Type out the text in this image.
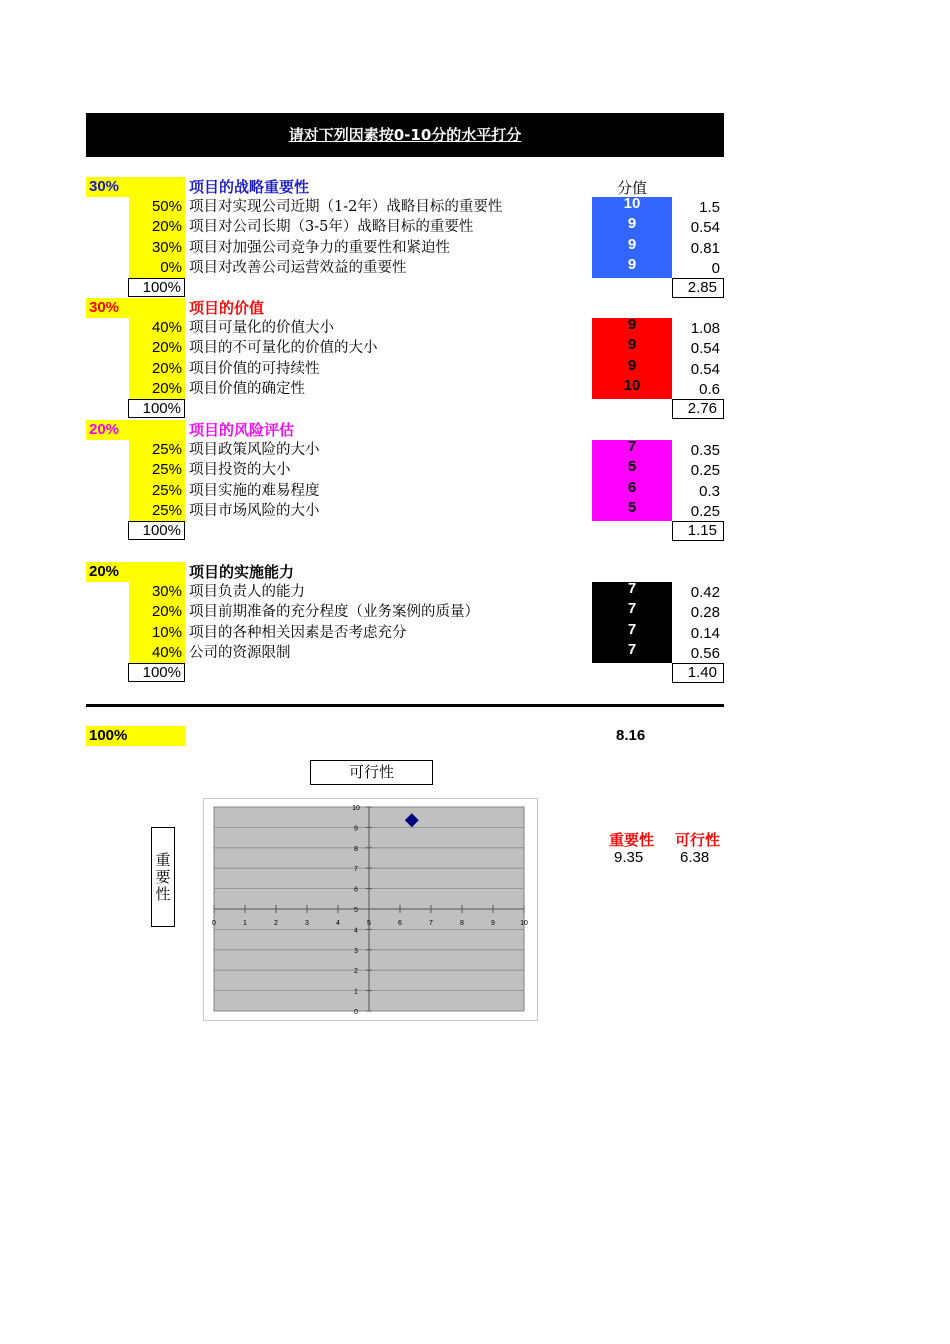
请对下列因素按0-10分的水平打分
分值
30%	项目的战略重要性
50% 项目对实现公司近期（1-2年）战略目标的重要性	10	1.5
20% 项目对公司长期（3-5年）战略目标的重要性	9	0.54
30% 项目对加强公司竞争力的重要性和紧迫性	9	0.81
0% 项目对改善公司运营效益的重要性	9	0
100%	2.85
30%	项目的价值
40% 项目可量化的价值大小	9	1.08
20% 项目的不可量化的价值的大小	9	0.54
20% 项目价值的可持续性	9	0.54
20% 项目价值的确定性	10	0.6
100%	2.76
20%	项目的风险评估
25% 项目政策风险的大小	7	0.35
25% 项目投资的大小	5	0.25
25% 项目实施的难易程度	6	0.3
25% 项目市场风险的大小	5	0.25
100%	1.15
20%	项目的实施能力
30% 项目负责人的能力	7	0.42
20% 项目前期准备的充分程度（业务案例的质量）	7	0.28
10% 项目的各种相关因素是否考虑充分	7	0.14
40% 公司的资源限制	7	0.56
100%	1.40
100%	8.16
可行性
重要性
0	1	2	3	4	5	6	7	8	9	10
0
1
2
3
4
5
6
7
8
9
10
重要性 可行性
9.35 6.38
